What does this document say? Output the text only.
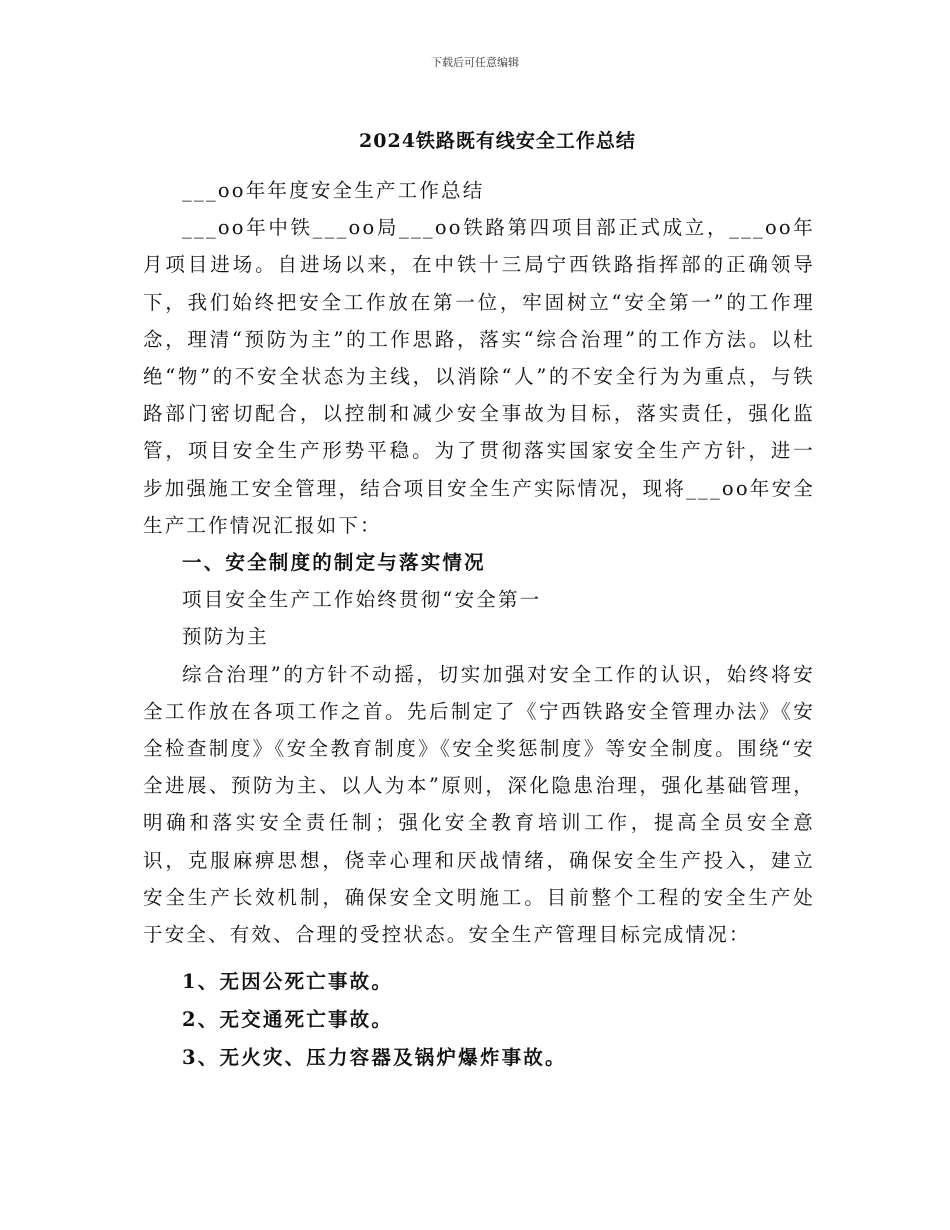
下载后可任意编辑
2024铁路既有线安全工作总结

___oo年年度安全生产工作总结

___oo年中铁___oo局___oo铁路第四项目部正式成立，___oo年月项目进场。自进场以来，在中铁十三局宁西铁路指挥部的正确领导下，我们始终把安全工作放在第一位，牢固树立“安全第一”的工作理念，理清“预防为主”的工作思路，落实“综合治理”的工作方法。以杜绝“物”的不安全状态为主线，以消除“人”的不安全行为为重点，与铁路部门密切配合，以控制和减少安全事故为目标，落实责任，强化监管，项目安全生产形势平稳。为了贯彻落实国家安全生产方针，进一步加强施工安全管理，结合项目安全生产实际情况，现将___oo年安全生产工作情况汇报如下：

一、安全制度的制定与落实情况

项目安全生产工作始终贯彻“安全第一

预防为主

综合治理”的方针不动摇，切实加强对安全工作的认识，始终将安全工作放在各项工作之首。先后制定了《宁西铁路安全管理办法》《安全检查制度》《安全教育制度》《安全奖惩制度》等安全制度。围绕“安全进展、预防为主、以人为本”原则，深化隐患治理，强化基础管理，明确和落实安全责任制；强化安全教育培训工作，提高全员安全意识，克服麻痹思想，侥幸心理和厌战情绪，确保安全生产投入，建立安全生产长效机制，确保安全文明施工。目前整个工程的安全生产处于安全、有效、合理的受控状态。安全生产管理目标完成情况：

1、无因公死亡事故。

2、无交通死亡事故。

3、无火灾、压力容器及锅炉爆炸事故。
